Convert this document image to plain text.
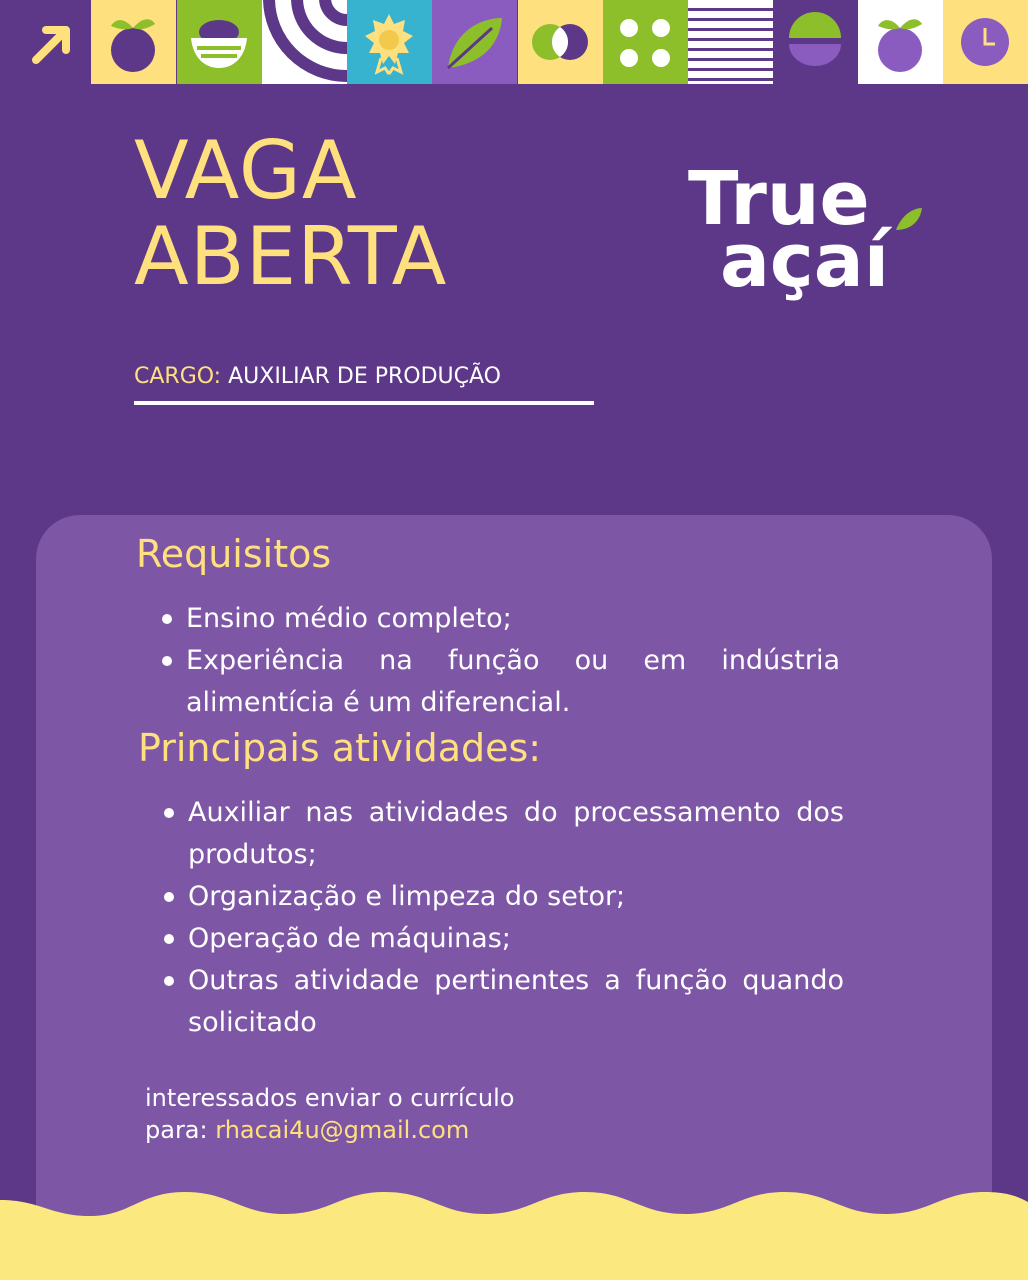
VAGA
ABERTA
True
açaí
CARGO: AUXILIAR DE PRODUÇÃO
Requisitos
Ensino médio completo;
Experiência na função ou em indústria alimentícia é um diferencial.
Principais atividades:
Auxiliar nas atividades do processamento dos produtos;
Organização e limpeza do setor;
Operação de máquinas;
Outras atividade pertinentes a função quando solicitado
interessados enviar o currículo
para: rhacai4u@gmail.com
